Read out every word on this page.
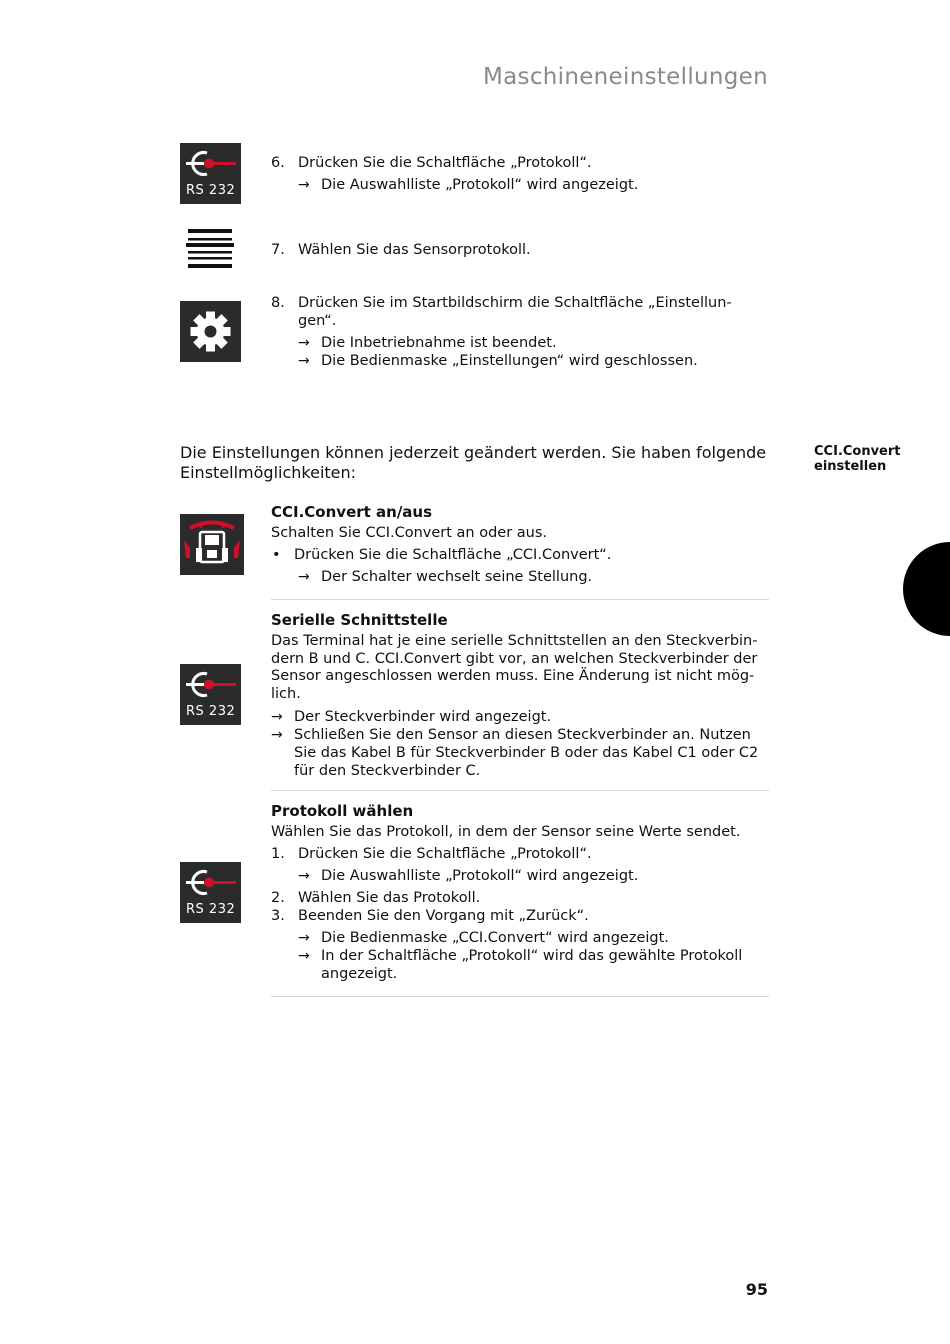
Maschineneinstellungen
RS 232
6. Drücken Sie die Schaltfläche „Protokoll“.
→ Die Auswahlliste „Protokoll“ wird angezeigt.
7. Wählen Sie das Sensorprotokoll.
8. Drücken Sie im Startbildschirm die Schaltfläche „Einstellun-
gen“.
→ Die Inbetriebnahme ist beendet.
→ Die Bedienmaske „Einstellungen“ wird geschlossen.
Die Einstellungen können jederzeit geändert werden. Sie haben folgende Einstellmöglichkeiten:
CCI.Convert
einstellen
CCI.Convert an/aus

Schalten Sie CCI.Convert an oder aus.

• Drücken Sie die Schaltfläche „CCI.Convert“.
→ Der Schalter wechselt seine Stellung.
RS 232
Serielle Schnittstelle
Das Terminal hat je eine serielle Schnittstellen an den Steckverbin-
dern B und C. CCI.Convert gibt vor, an welchen Steckverbinder der
Sensor angeschlossen werden muss. Eine Änderung ist nicht mög-
lich.
→ Der Steckverbinder wird angezeigt.
→ Schließen Sie den Sensor an diesen Steckverbinder an. Nutzen
Sie das Kabel B für Steckverbinder B oder das Kabel C1 oder C2
für den Steckverbinder C.
RS 232
Protokoll wählen

Wählen Sie das Protokoll, in dem der Sensor seine Werte sendet.

1. Drücken Sie die Schaltfläche „Protokoll“.
→ Die Auswahlliste „Protokoll“ wird angezeigt.
2. Wählen Sie das Protokoll.
3. Beenden Sie den Vorgang mit „Zurück“.
→ Die Bedienmaske „CCI.Convert“ wird angezeigt.
→ In der Schaltfläche „Protokoll“ wird das gewählte Protokoll
angezeigt.
95
